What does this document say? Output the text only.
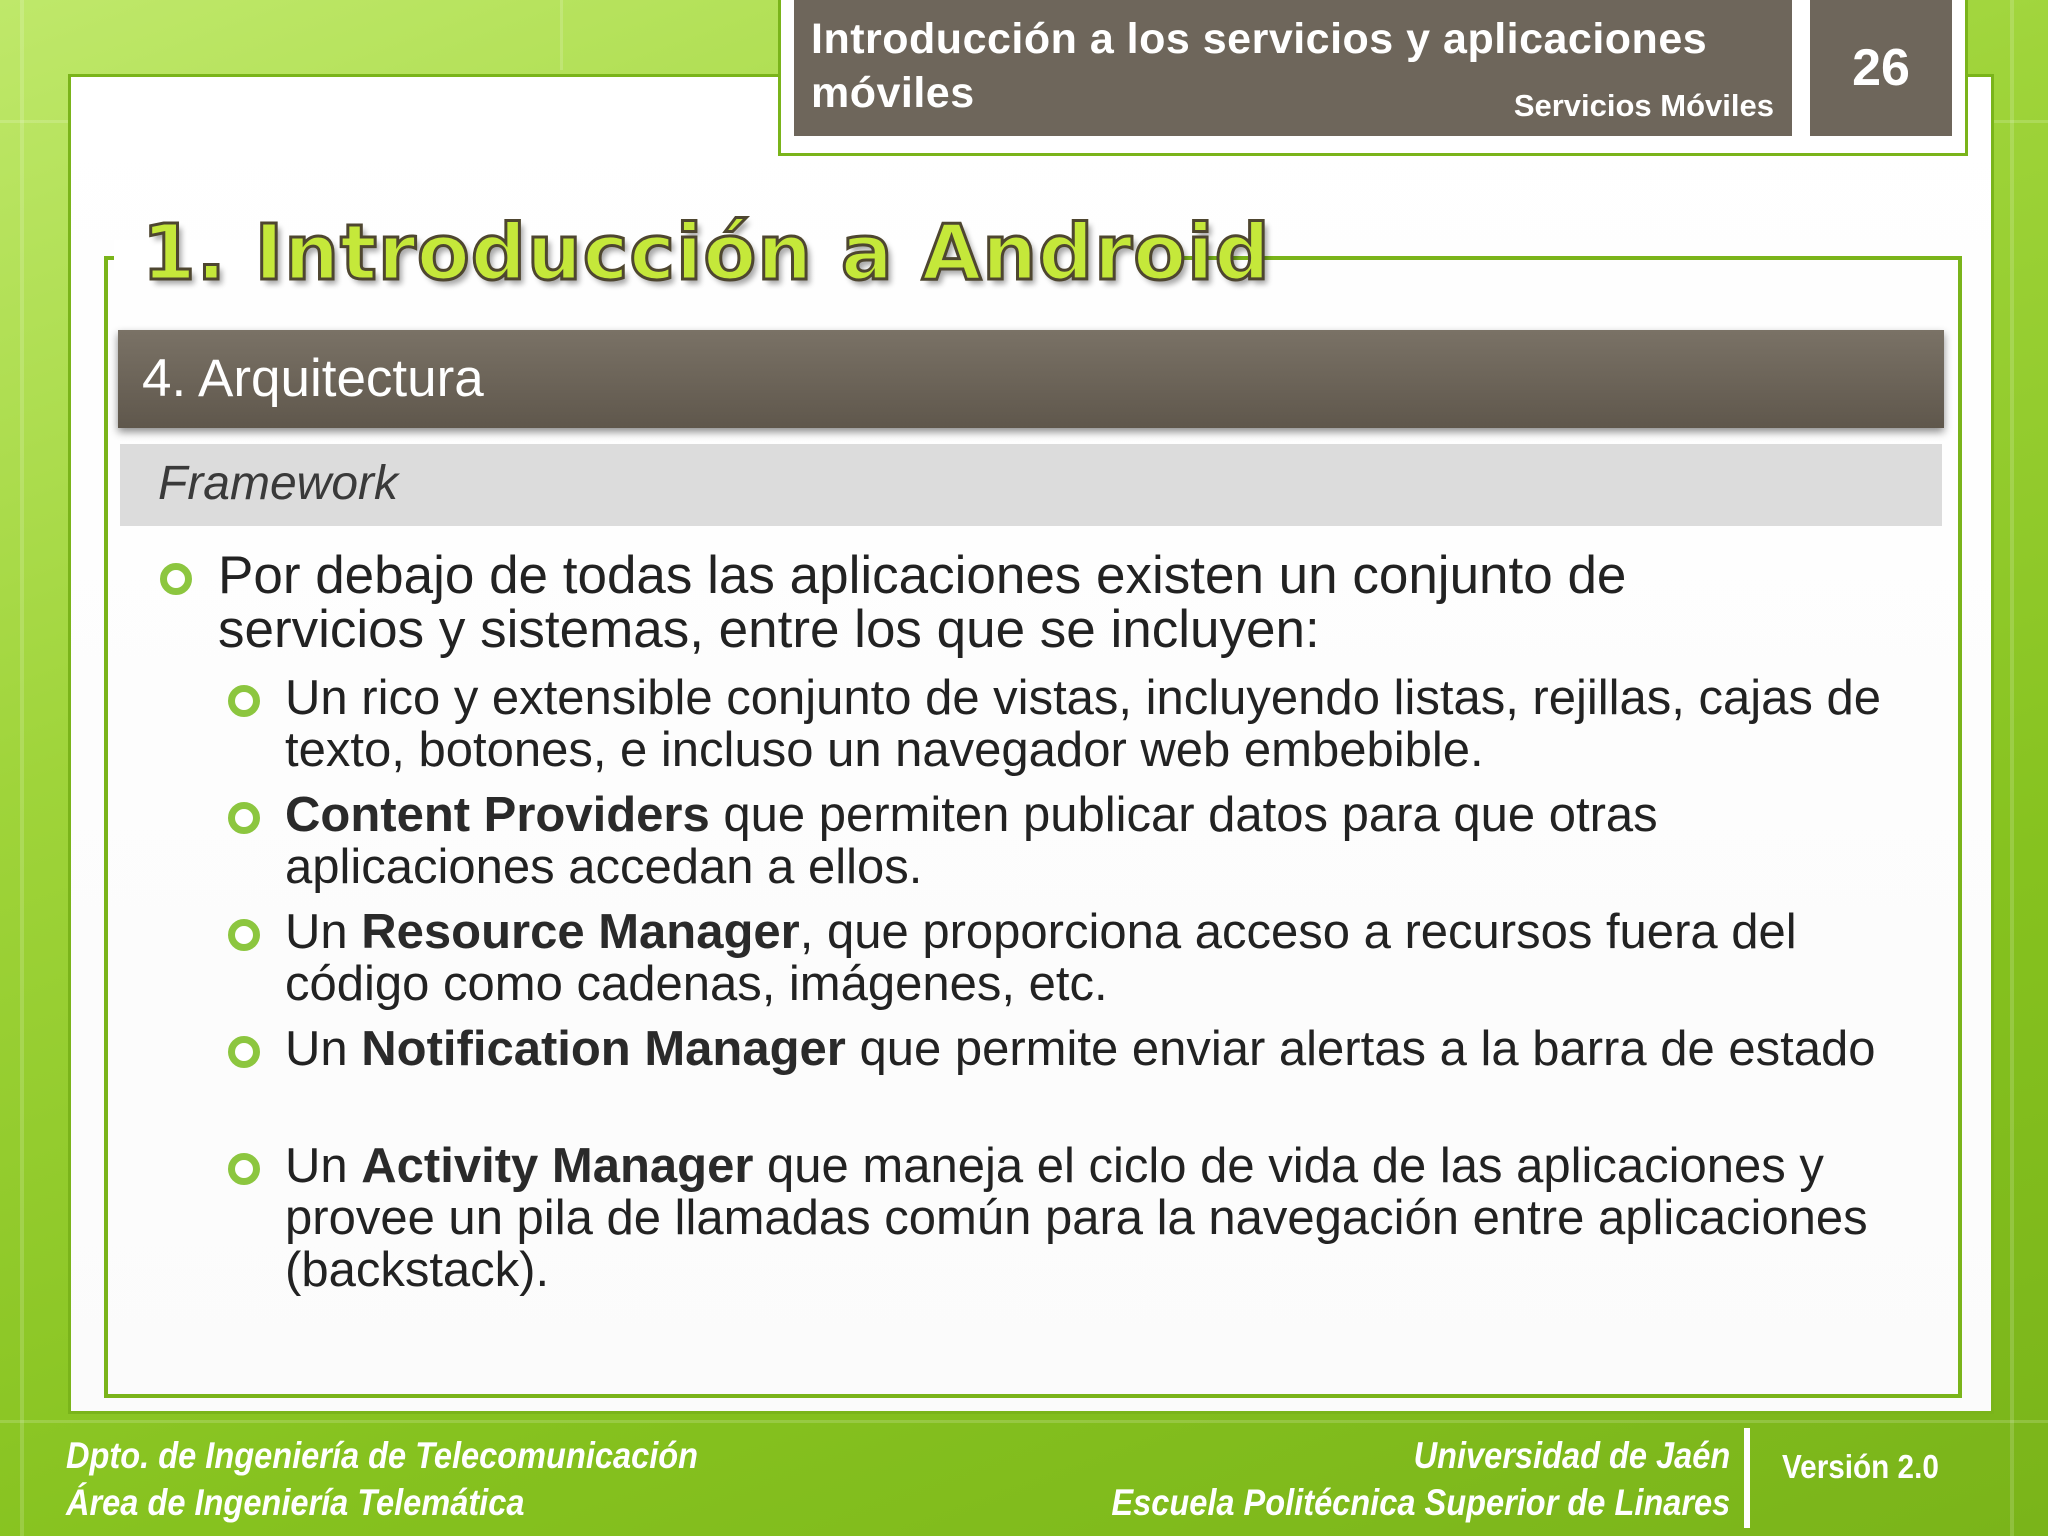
Introducción a los servicios y aplicaciones móviles	Servicios Móviles
26
1. Introducción a Android
4. Arquitectura
Framework
Por debajo de todas las aplicaciones existen un conjunto de servicios y sistemas, entre los que se incluyen:
Un rico y extensible conjunto de vistas, incluyendo listas, rejillas, cajas de texto, botones, e incluso un navegador web embebible.
Content Providers que permiten publicar datos para que otras aplicaciones accedan a ellos.
Un Resource Manager, que proporciona acceso a recursos fuera del código como cadenas, imágenes, etc.
Un Notification Manager que permite enviar alertas a la barra de estado
Un Activity Manager que maneja el ciclo de vida de las aplicaciones y provee un pila de llamadas común para la navegación entre aplicaciones (backstack).
Dpto. de Ingeniería de Telecomunicación
Área de Ingeniería Telemática
Universidad de Jaén
Escuela Politécnica Superior de Linares
Versión 2.0
